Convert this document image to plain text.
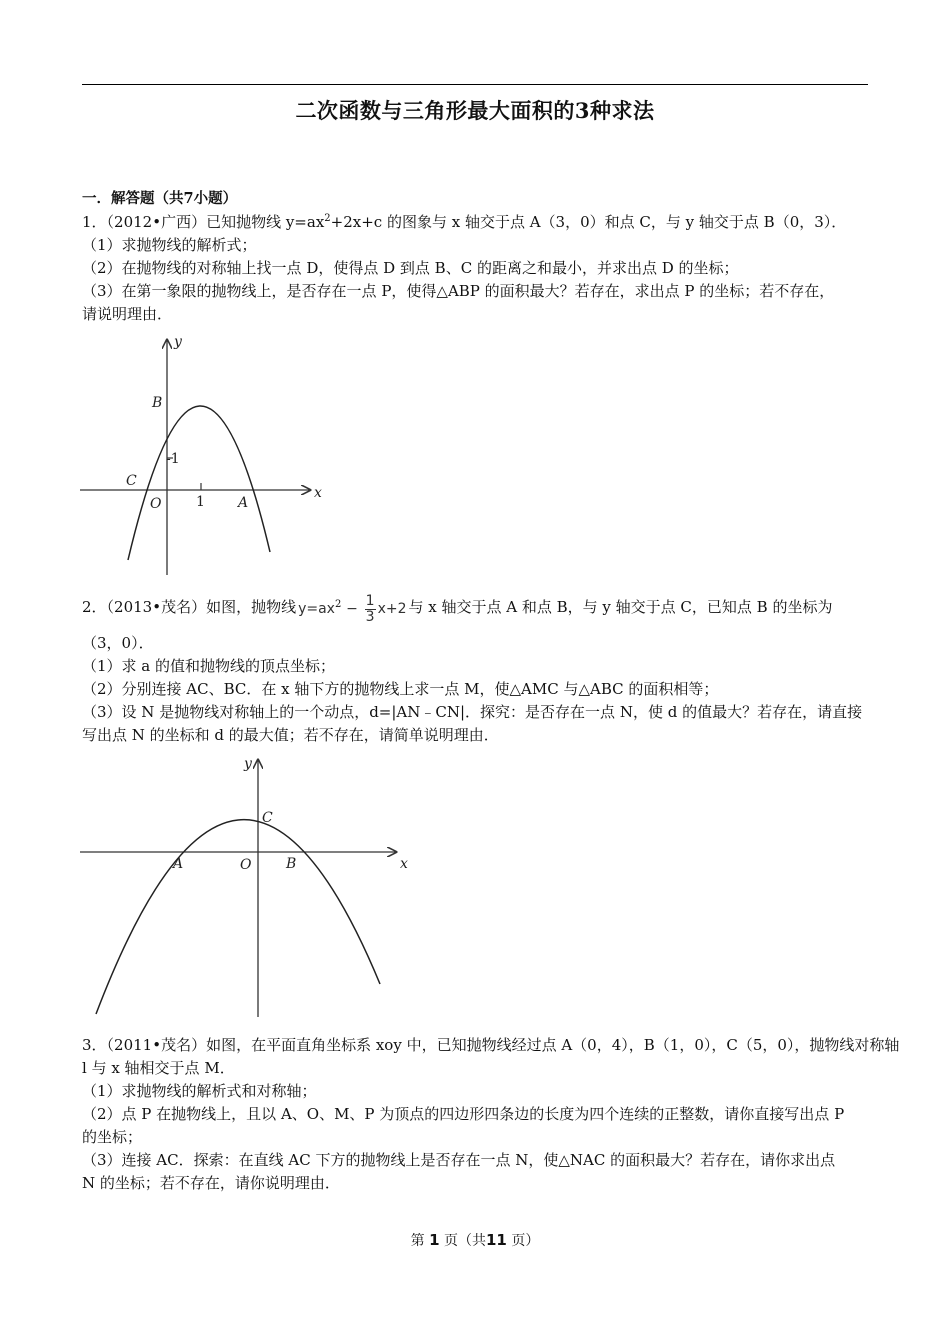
二次函数与三角形最大面积的3种求法
一．解答题（共7小题）
1．（2012•广西）已知抛物线 $y=ax^2+2x+c$ 的图象与 x 轴交于点 A（3，0）和点 C，与 y 轴交于点 B（0，3）．
（1）求抛物线的解析式；
（2）在抛物线的对称轴上找一点 D，使得点 D 到点 B、C 的距离之和最小，并求出点 D 的坐标；
（3）在第一象限的抛物线上，是否存在一点 P，使得△ABP 的面积最大？若存在，求出点 P 的坐标；若不存在，
请说明理由．
x
y
B
C
O	A
1
-1
2．（2013•茂名）如图，抛物线 $y=ax^2 - \frac{1}{3} x+2$ 与 x 轴交于点 A 和点 B，与 y 轴交于点 C，已知点 B 的坐标为
（3，0）．
（1）求 a 的值和抛物线的顶点坐标；
（2）分别连接 AC、BC．在 x 轴下方的抛物线上求一点 M，使△AMC 与△ABC 的面积相等；
（3）设 N 是抛物线对称轴上的一个动点，d=|AN﹣CN|．探究：是否存在一点 N，使 d 的值最大？若存在，请直接
写出点 N 的坐标和 d 的最大值；若不存在，请简单说明理由．
x
y
C
A	O B
3．（2011•茂名）如图，在平面直角坐标系 xoy 中，已知抛物线经过点 A（0，4），B（1，0），C（5，0），抛物线对称轴
l 与 x 轴相交于点 M．
（1）求抛物线的解析式和对称轴；
（2）点 P 在抛物线上，且以 A、O、M、P 为顶点的四边形四条边的长度为四个连续的正整数，请你直接写出点 P
的坐标；
（3）连接 AC．探索：在直线 AC 下方的抛物线上是否存在一点 N，使△NAC 的面积最大？若存在，请你求出点
N 的坐标；若不存在，请你说明理由．
第 1 页（共11 页）
